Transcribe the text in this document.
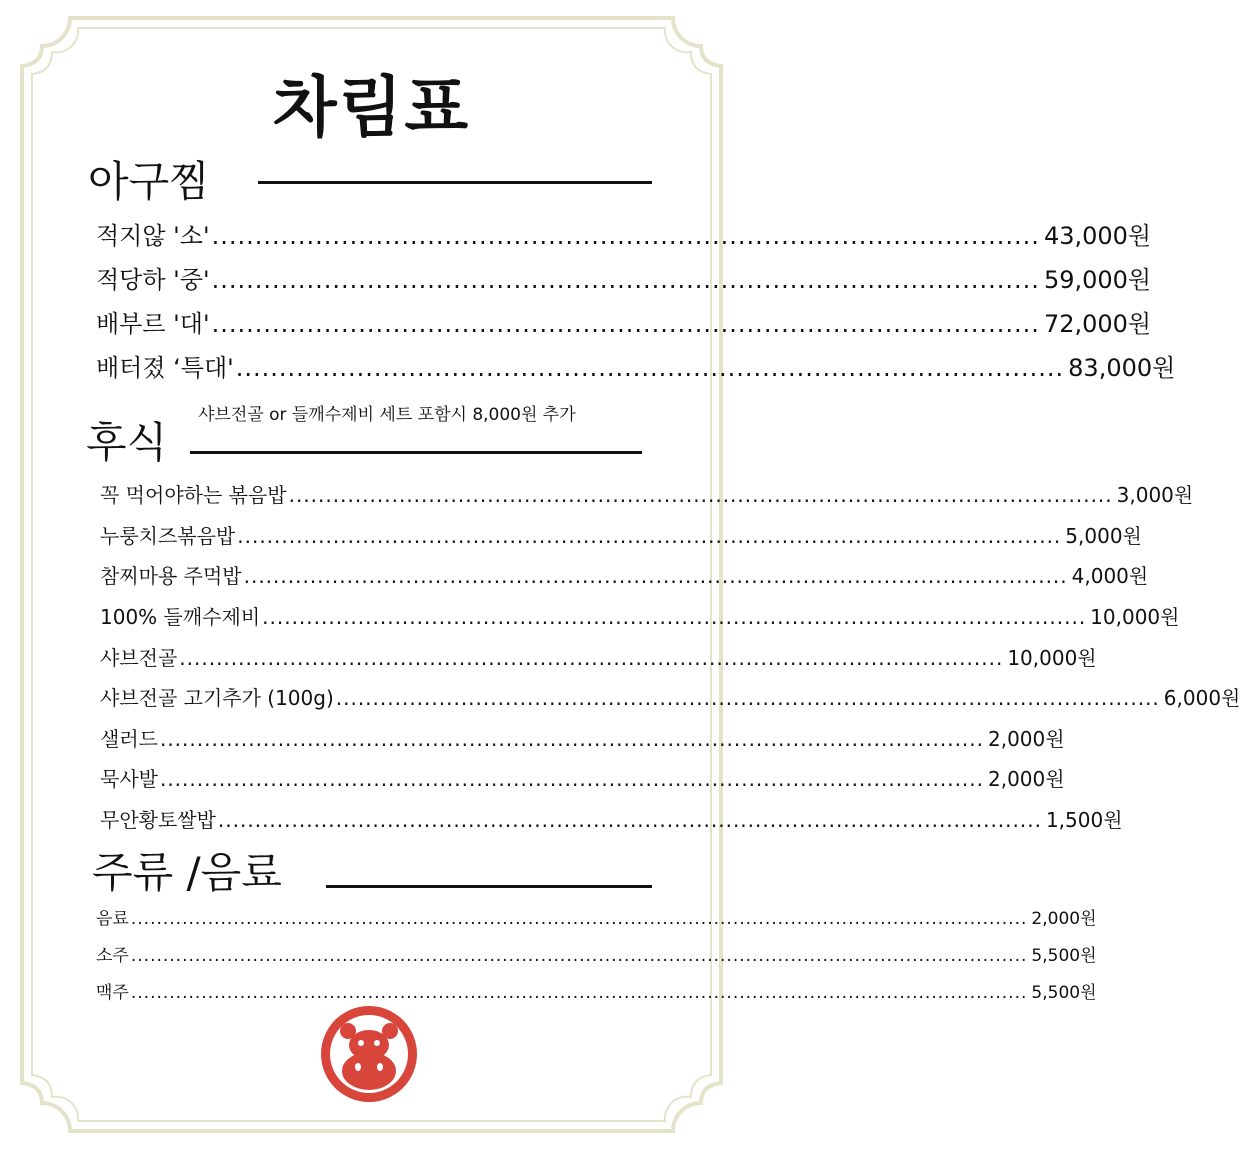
차림표
아구찜
적지않 '소' ................................................................................................ 43,000원
적당하 '중' ................................................................................................ 59,000원
배부르 '대' ................................................................................................ 72,000원
배터졌 ‘특대' ................................................................................................ 83,000원
샤브전골 or 들깨수제비 세트 포함시 8,000원 추가
후식
꼭 먹어야하는 볶음밥 ................................................................................................................ 3,000원
누룽치즈볶음밥 ................................................................................................................ 5,000원
참찌마용 주먹밥 ................................................................................................................ 4,000원
100% 들깨수제비 ................................................................................................................ 10,000원
샤브전골 ................................................................................................................ 10,000원
샤브전골 고기추가 (100g) ................................................................................................................ 6,000원
샐러드 ................................................................................................................ 2,000원
묵사발 ................................................................................................................ 2,000원
무안황토쌀밥 ................................................................................................................ 1,500원
주류 /음료
음료 ............................................................................................................................................ 2,000원
소주 ............................................................................................................................................ 5,500원
맥주 ............................................................................................................................................ 5,500원
